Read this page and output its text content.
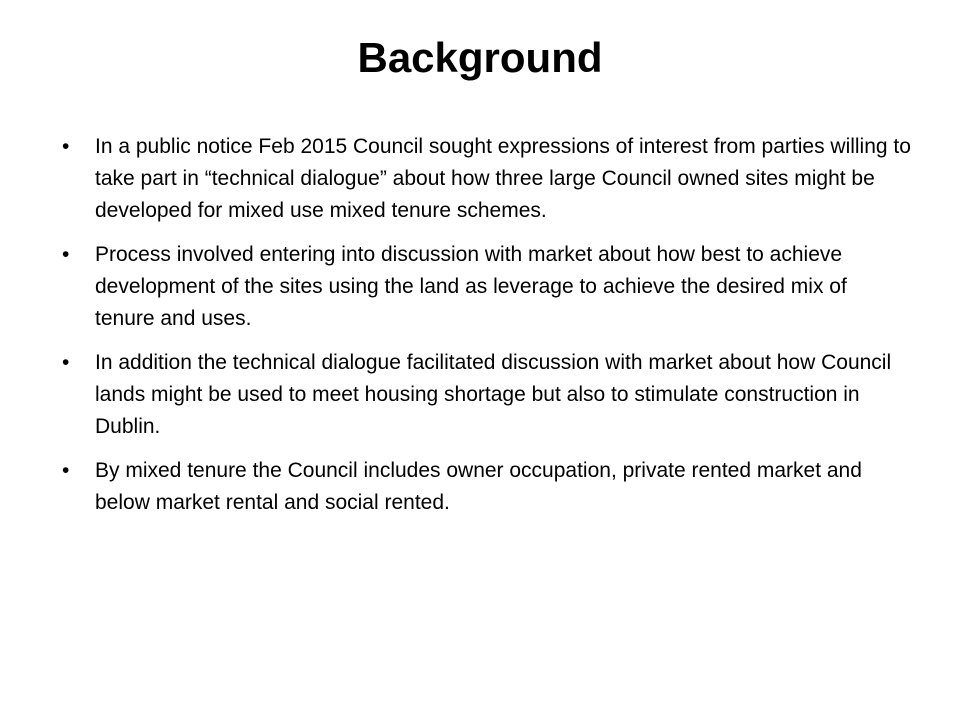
Background
• In a public notice Feb 2015 Council sought expressions of interest from parties willing to take part in “technical dialogue” about how three large Council owned sites might be developed for mixed use mixed tenure schemes.
• Process involved entering into discussion with market about how best to achieve development of the sites using the land as leverage to achieve the desired mix of tenure and uses.
• In addition the technical dialogue facilitated discussion with market about how Council lands might be used to meet housing shortage but also to stimulate construction in Dublin.
• By mixed tenure the Council includes owner occupation, private rented market and below market rental and social rented.
